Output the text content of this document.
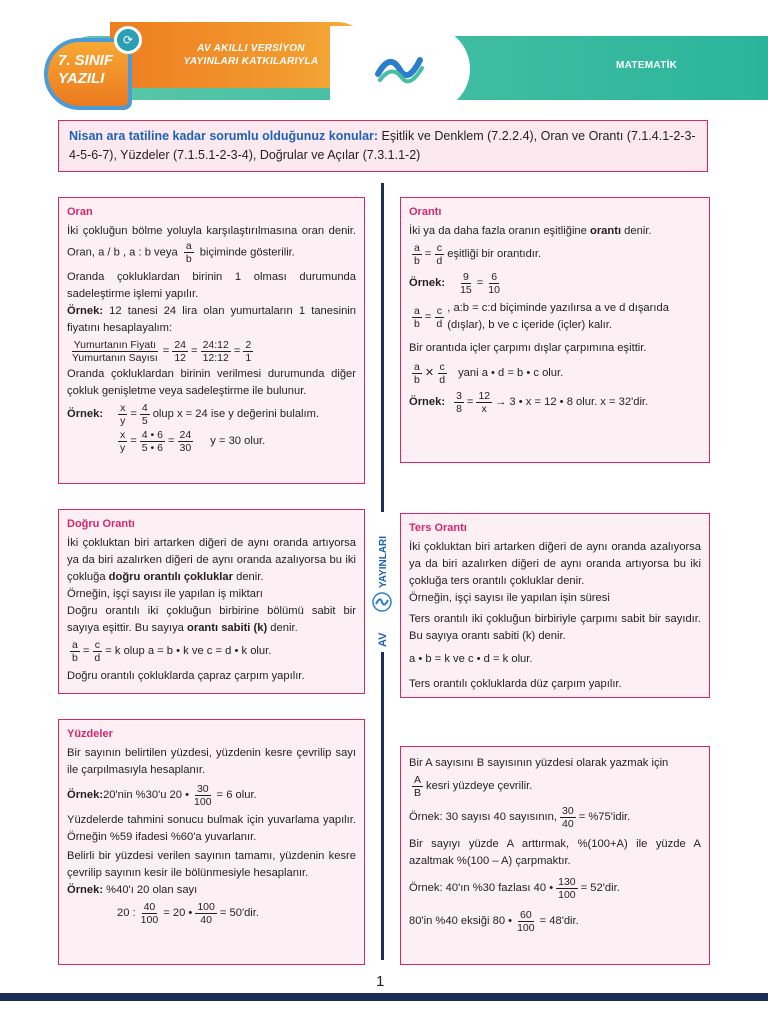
7. SINIF
YAZILI
⟳
AV AKILLI VERSİYON
YAYINLARI KATKILARIYLA	MATEMATİK
Nisan ara tatiline kadar sorumlu olduğunuz konular: Eşitlik ve Denklem (7.2.2.4), Oran ve Orantı (7.1.4.1-2-3-4-5-6-7), Yüzdeler (7.1.5.1-2-3-4), Doğrular ve Açılar (7.3.1.1-2)
AV
YAYINLARI
Oran

İki çokluğun bölme yoluyla karşılaştırılmasına oran denir. Oran, a / b , a : b veya $\frac{a}{b}$ biçiminde gösterilir.

Oranda çokluklardan birinin 1 olması durumunda sadeleştirme işlemi yapılır.

Örnek: 12 tanesi 24 lira olan yumurtaların 1 tanesinin fiyatını hesaplayalım:

$\frac{\text{Yumurtanın Fiyatı}}{\text{Yumurtanın Sayısı}} = \frac{24}{12} = \frac{24:12}{12:12} = \frac{2}{1}$

Oranda çokluklardan birinin verilmesi durumunda diğer çokluk genişletme veya sadeleştirme ile bulunur.

Örnek: $\frac{x}{y} = \frac{4}{5}$ olup x = 24 ise y değerini bulalım.
$\frac{x}{y} = \frac{4 • 6}{5 • 6} = \frac{24}{30}$ y = 30 olur.
Orantı

İki ya da daha fazla oranın eşitliğine orantı denir.

$\frac{a}{b} = \frac{c}{d}$ eşitliği bir orantıdır.
Örnek: $\frac{9}{15} = \frac{6}{10}$
$\frac{a}{b} = \frac{c}{d}$ , a:b = c:d biçiminde yazılırsa a ve d dışarıda (dışlar), b ve c içeride (içler) kalır.

Bir orantıda içler çarpımı dışlar çarpımına eşittir.

$\frac{a}{b}$ ✕ $\frac{c}{d}$ yani a • d = b • c olur.
Örnek: $\frac{3}{8} = \frac{12}{x} \to 3$ • x = 12 • 8 olur. x = 32'dir.
Doğru Orantı

İki çokluktan biri artarken diğeri de aynı oranda artıyorsa ya da biri azalırken diğeri de aynı oranda azalıyorsa bu iki çokluğa doğru orantılı çokluklar denir.

Örneğin, işçi sayısı ile yapılan iş miktarı

Doğru orantılı iki çokluğun birbirine bölümü sabit bir sayıya eşittir. Bu sayıya orantı sabiti (k) denir.

$\frac{a}{b} = \frac{c}{d} = k$ olup a = b • k ve c = d • k olur.

Doğru orantılı çokluklarda çapraz çarpım yapılır.

Ters Orantı

İki çokluktan biri artarken diğeri de aynı oranda azalıyorsa ya da biri azalırken diğeri de aynı oranda artıyorsa bu iki çokluğa ters orantılı çokluklar denir.

Örneğin, işçi sayısı ile yapılan işin süresi

Ters orantılı iki çokluğun birbiriyle çarpımı sabit bir sayıdır. Bu sayıya orantı sabiti (k) denir.

a • b = k ve c • d = k olur.

Ters orantılı çokluklarda düz çarpım yapılır.

Yüzdeler

Bir sayının belirtilen yüzdesi, yüzdenin kesre çevrilip sayı ile çarpılmasıyla hesaplanır.

Örnek: 20'nin %30'u 20 • $\frac{30}{100} = 6$ olur.

Yüzdelerde tahmini sonucu bulmak için yuvarlama yapılır. Örneğin %59 ifadesi %60'a yuvarlanır.

Belirli bir yüzdesi verilen sayının tamamı, yüzdenin kesre çevrilip sayının kesir ile bölünmesiyle hesaplanır.

Örnek: %40'ı 20 olan sayı

20 : $\frac{40}{100} = 20$ • $\frac{100}{40} = 50'dir$.

Bir A sayısını B sayısının yüzdesi olarak yazmak için

$\frac{A}{B}$ kesri yüzdeye çevrilir.
Örnek: 30 sayısı 40 sayısının, $\frac{30}{40}$ = %75'idir.

Bir sayıyı yüzde A arttırmak, %(100+A) ile yüzde A azaltmak %(100 – A) çarpmaktır.

Örnek: 40'ın %30 fazlası 40 • $\frac{130}{100} = 52'dir$.
80'in %40 eksiği 80 • $\frac{60}{100} = 48'dir$.
1
